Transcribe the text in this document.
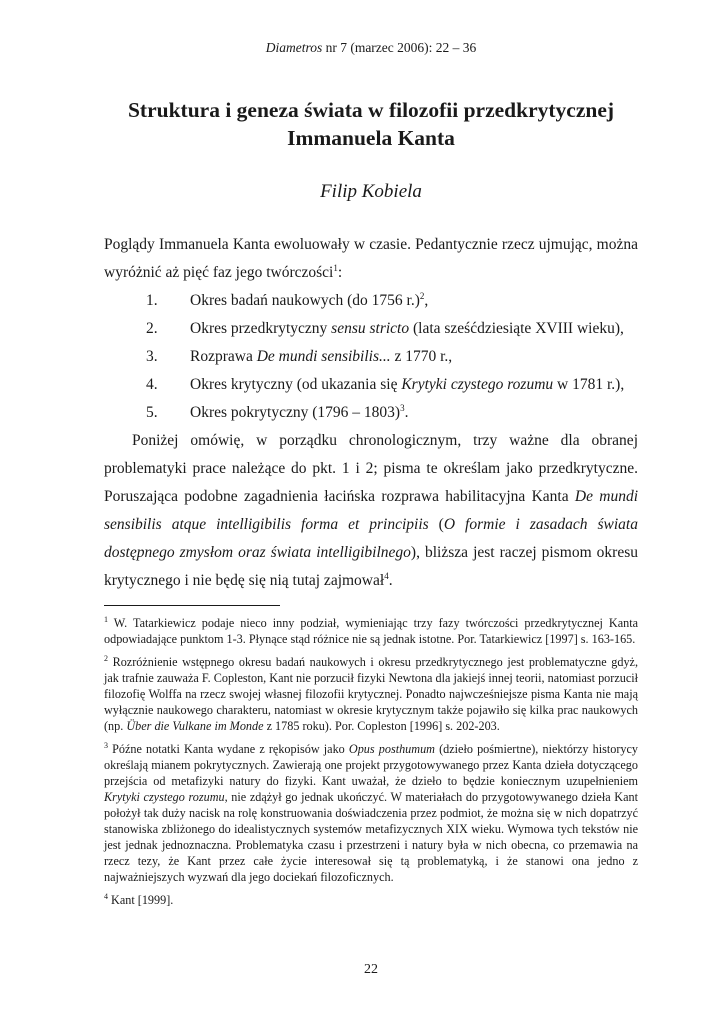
Diametros nr 7 (marzec 2006): 22 – 36
Struktura i geneza świata w filozofii przedkrytycznej
Immanuela Kanta
Filip Kobiela

Poglądy Immanuela Kanta ewoluowały w czasie. Pedantycznie rzecz ujmując, można wyróżnić aż pięć faz jego twórczości$^1$:

1.	Okres badań naukowych (do 1756 r.)$^2$,
2.	Okres przedkrytyczny sensu stricto (lata sześćdziesiąte XVIII wieku),
3.	Rozprawa De mundi sensibilis... z 1770 r.,
4.	Okres krytyczny (od ukazania się Krytyki czystego rozumu w 1781 r.),
5.	Okres pokrytyczny (1796 – 1803)$^3$.

Poniżej omówię, w porządku chronologicznym, trzy ważne dla obranej problematyki prace należące do pkt. 1 i 2; pisma te określam jako przedkrytyczne. Poruszająca podobne zagadnienia łacińska rozprawa habilitacyjna Kanta De mundi sensibilis atque intelligibilis forma et principiis (O formie i zasadach świata dostępnego zmysłom oraz świata intelligibilnego), bliższa jest raczej pismom okresu krytycznego i nie będę się nią tutaj zajmował$^4$.

$^1$ W. Tatarkiewicz podaje nieco inny podział, wymieniając trzy fazy twórczości przedkrytycznej Kanta odpowiadające punktom 1-3. Płynące stąd różnice nie są jednak istotne. Por. Tatarkiewicz [1997] s. 163-165.

$^2$ Rozróżnienie wstępnego okresu badań naukowych i okresu przedkrytycznego jest problematyczne gdyż, jak trafnie zauważa F. Copleston, Kant nie porzucił fizyki Newtona dla jakiejś innej teorii, natomiast porzucił filozofię Wolffa na rzecz swojej własnej filozofii krytycznej. Ponadto najwcześniejsze pisma Kanta nie mają wyłącznie naukowego charakteru, natomiast w okresie krytycznym także pojawiło się kilka prac naukowych (np. Über die Vulkane im Monde z 1785 roku). Por. Copleston [1996] s. 202-203.

$^3$ Późne notatki Kanta wydane z rękopisów jako Opus posthumum (dzieło pośmiertne), niektórzy historycy określają mianem pokrytycznych. Zawierają one projekt przygotowywanego przez Kanta dzieła dotyczącego przejścia od metafizyki natury do fizyki. Kant uważał, że dzieło to będzie koniecznym uzupełnieniem Krytyki czystego rozumu, nie zdążył go jednak ukończyć. W materiałach do przygotowywanego dzieła Kant położył tak duży nacisk na rolę konstruowania doświadczenia przez podmiot, że można się w nich dopatrzyć stanowiska zbliżonego do idealistycznych systemów metafizycznych XIX wieku. Wymowa tych tekstów nie jest jednak jednoznaczna. Problematyka czasu i przestrzeni i natury była w nich obecna, co przemawia na rzecz tezy, że Kant przez całe życie interesował się tą problematyką, i że stanowi ona jedno z najważniejszych wyzwań dla jego dociekań filozoficznych.

$^4$ Kant [1999].

22
